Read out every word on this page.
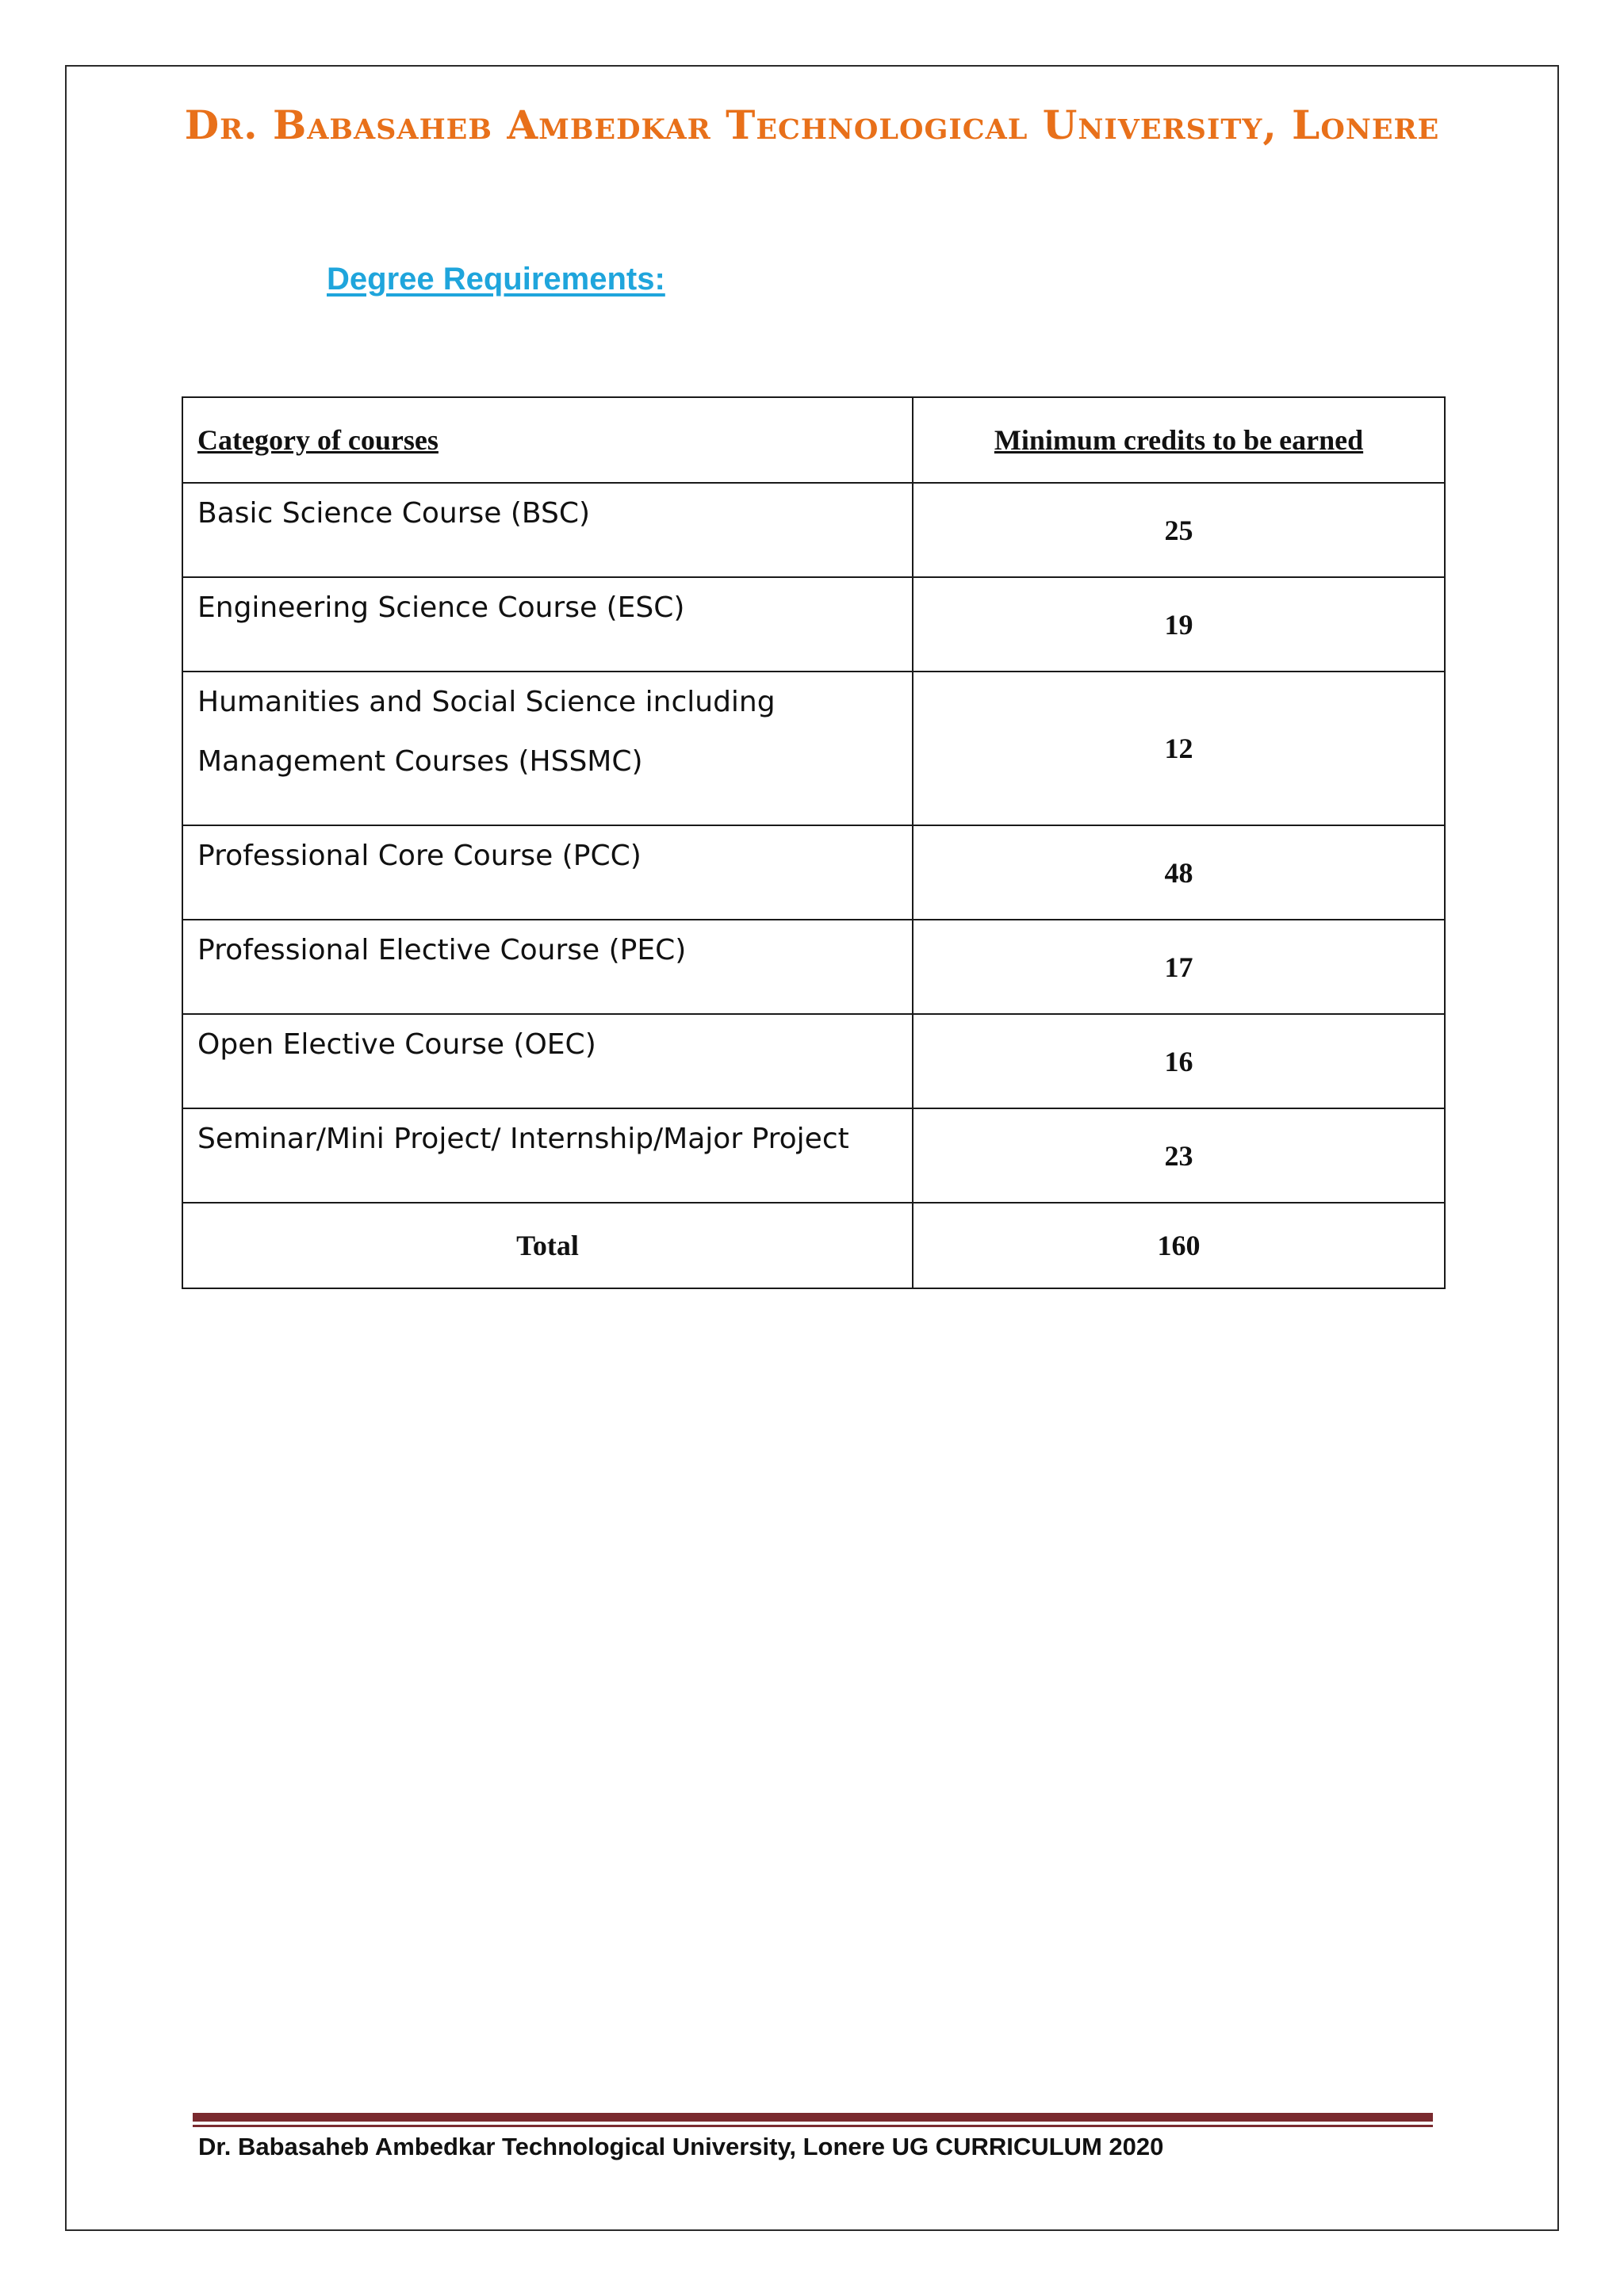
Dr. Babasaheb Ambedkar Technological University, Lonere
Degree Requirements:
Category of courses	Minimum credits to be earned

Basic Science Course (BSC)	25

Engineering Science Course (ESC)	19

Humanities and Social Science including
Management Courses (HSSMC)	12

Professional Core Course (PCC)	48

Professional Elective Course (PEC)	17

Open Elective Course (OEC)	16

Seminar/Mini Project/ Internship/Major Project	23
Total	160
Dr. Babasaheb Ambedkar Technological University, Lonere UG CURRICULUM 2020
